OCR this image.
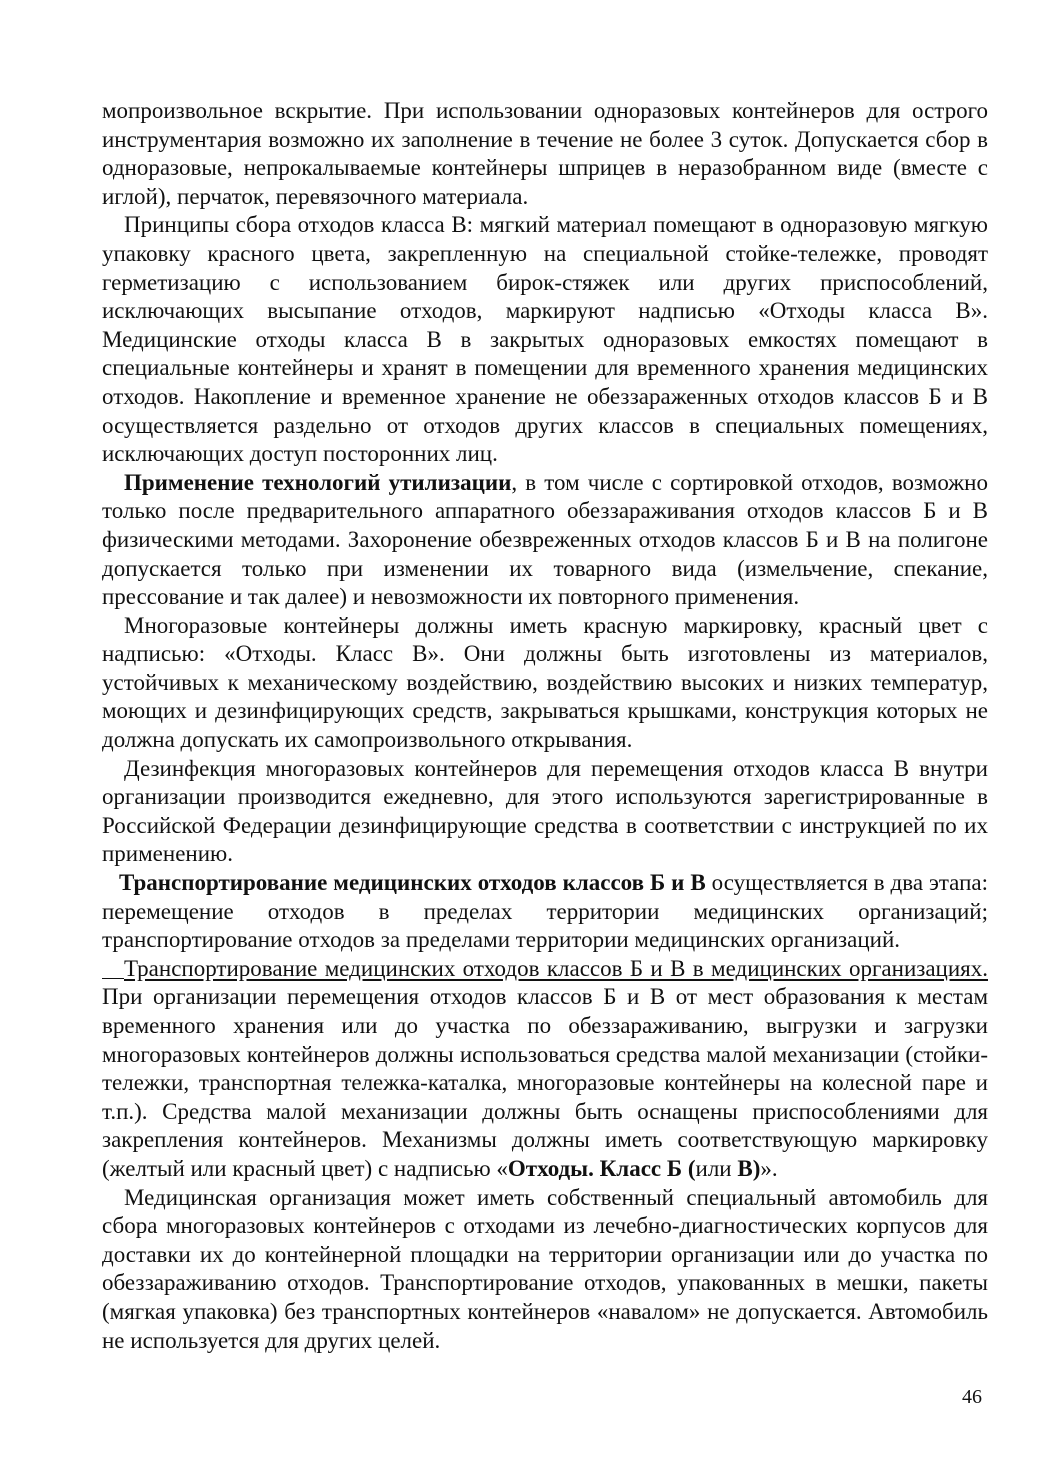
мопроизвольное вскрытие. При использовании одноразовых контейнеров для острого инструментария возможно их заполнение в течение не более 3 суток. Допускается сбор в одноразовые, непрокалываемые контейнеры шприцев в неразобранном виде (вместе с иглой), перчаток, перевязочного материала.

Принципы сбора отходов класса В: мягкий материал помещают в одноразовую мягкую упаковку красного цвета, закрепленную на специальной стойке-тележке, проводят герметизацию с использованием бирок-стяжек или других приспособлений, исключающих высыпание отходов, маркируют надписью «Отходы класса В». Медицинские отходы класса В в закрытых одноразовых емкостях помещают в специальные контейнеры и хранят в помещении для временного хранения медицинских отходов. Накопление и временное хранение не обеззараженных отходов классов Б и В осуществляется раздельно от отходов других классов в специальных помещениях, исключающих доступ посторонних лиц.

Применение технологий утилизации, в том числе с сортировкой отходов, возможно только после предварительного аппаратного обеззараживания отходов классов Б и В физическими методами. Захоронение обезвреженных отходов классов Б и В на полигоне допускается только при изменении их товарного вида (измельчение, спекание, прессование и так далее) и невозможности их повторного применения.

Многоразовые контейнеры должны иметь красную маркировку, красный цвет с надписью: «Отходы. Класс В». Они должны быть изготовлены из материалов, устойчивых к механическому воздействию, воздействию высоких и низких температур, моющих и дезинфицирующих средств, закрываться крышками, конструкция которых не должна допускать их самопроизвольного открывания.

Дезинфекция многоразовых контейнеров для перемещения отходов класса В внутри организации производится ежедневно, для этого используются зарегистрированные в Российской Федерации дезинфицирующие средства в соответствии с инструкцией по их применению.

Транспортирование медицинских отходов классов Б и В осуществляется в два этапа: перемещение отходов в пределах территории медицинских организаций; транспортирование отходов за пределами территории медицинских организаций.

Транспортирование медицинских отходов классов Б и В в медицинских организациях. При организации перемещения отходов классов Б и В от мест образования к местам временного хранения или до участка по обеззараживанию, выгрузки и загрузки многоразовых контейнеров должны использоваться средства малой механизации (стойки-тележки, транспортная тележка-каталка, многоразовые контейнеры на колесной паре и т.п.). Средства малой механизации должны быть оснащены приспособлениями для закрепления контейнеров. Механизмы должны иметь соответствующую маркировку (желтый или красный цвет) с надписью «Отходы. Класс Б (или В)».

Медицинская организация может иметь собственный специальный автомобиль для сбора многоразовых контейнеров с отходами из лечебно-диагностических корпусов для доставки их до контейнерной площадки на территории организации или до участка по обеззараживанию отходов. Транспортирование отходов, упакованных в мешки, пакеты (мягкая упаковка) без транспортных контейнеров «навалом» не допускается. Автомобиль не используется для других целей.

46
